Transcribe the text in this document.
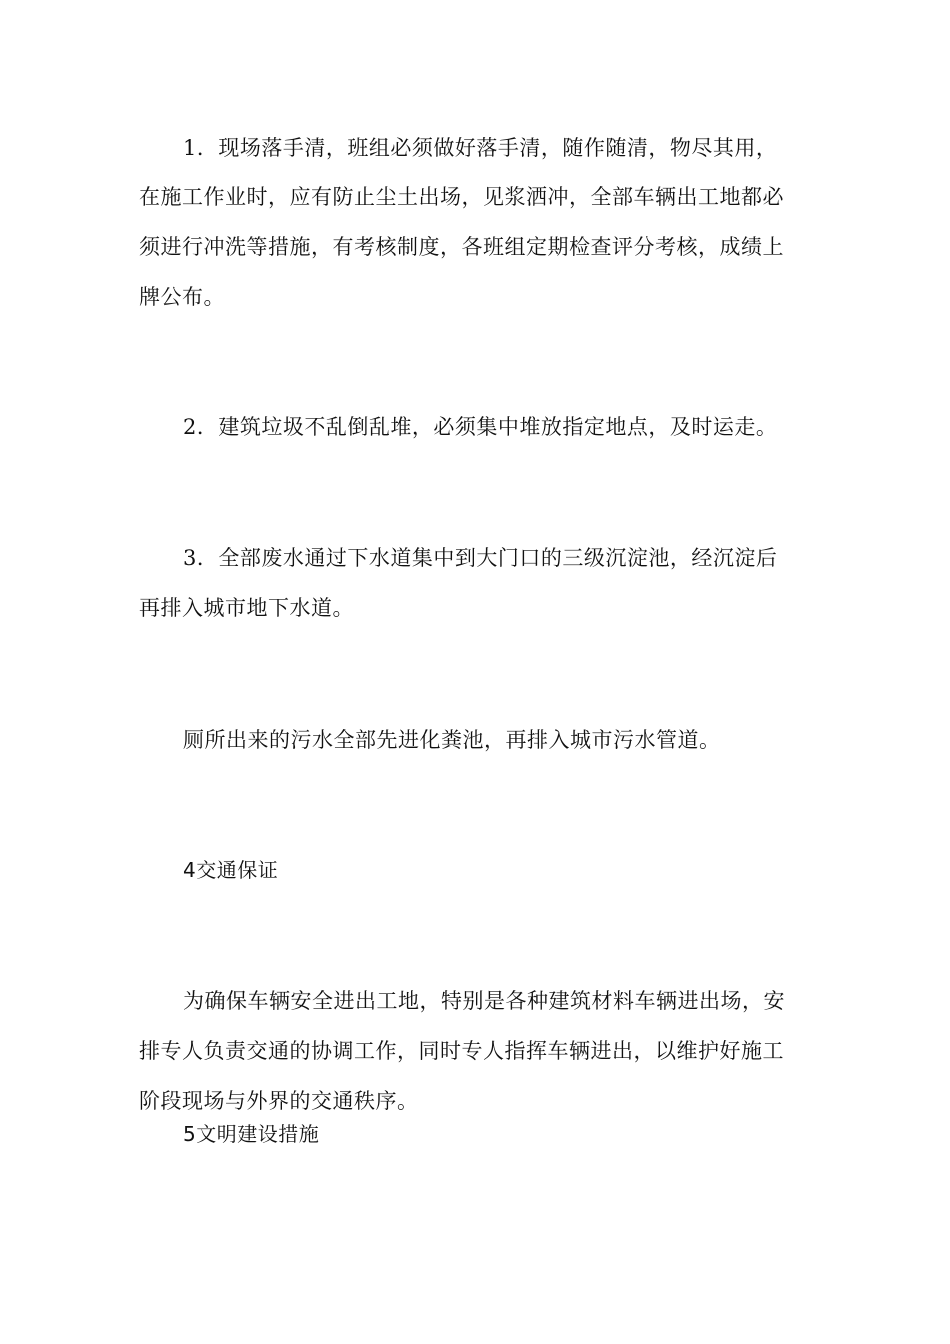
1．现场落手清，班组必须做好落手清，随作随清，物尽其用，
在施工作业时，应有防止尘土出场，见浆洒冲，全部车辆出工地都必
须进行冲洗等措施，有考核制度，各班组定期检查评分考核，成绩上
牌公布。
2．建筑垃圾不乱倒乱堆，必须集中堆放指定地点，及时运走。
3．全部废水通过下水道集中到大门口的三级沉淀池，经沉淀后
再排入城市地下水道。
厕所出来的污水全部先进化粪池，再排入城市污水管道。
4交通保证
为确保车辆安全进出工地，特别是各种建筑材料车辆进出场，安
排专人负责交通的协调工作，同时专人指挥车辆进出，以维护好施工
阶段现场与外界的交通秩序。
5文明建设措施
